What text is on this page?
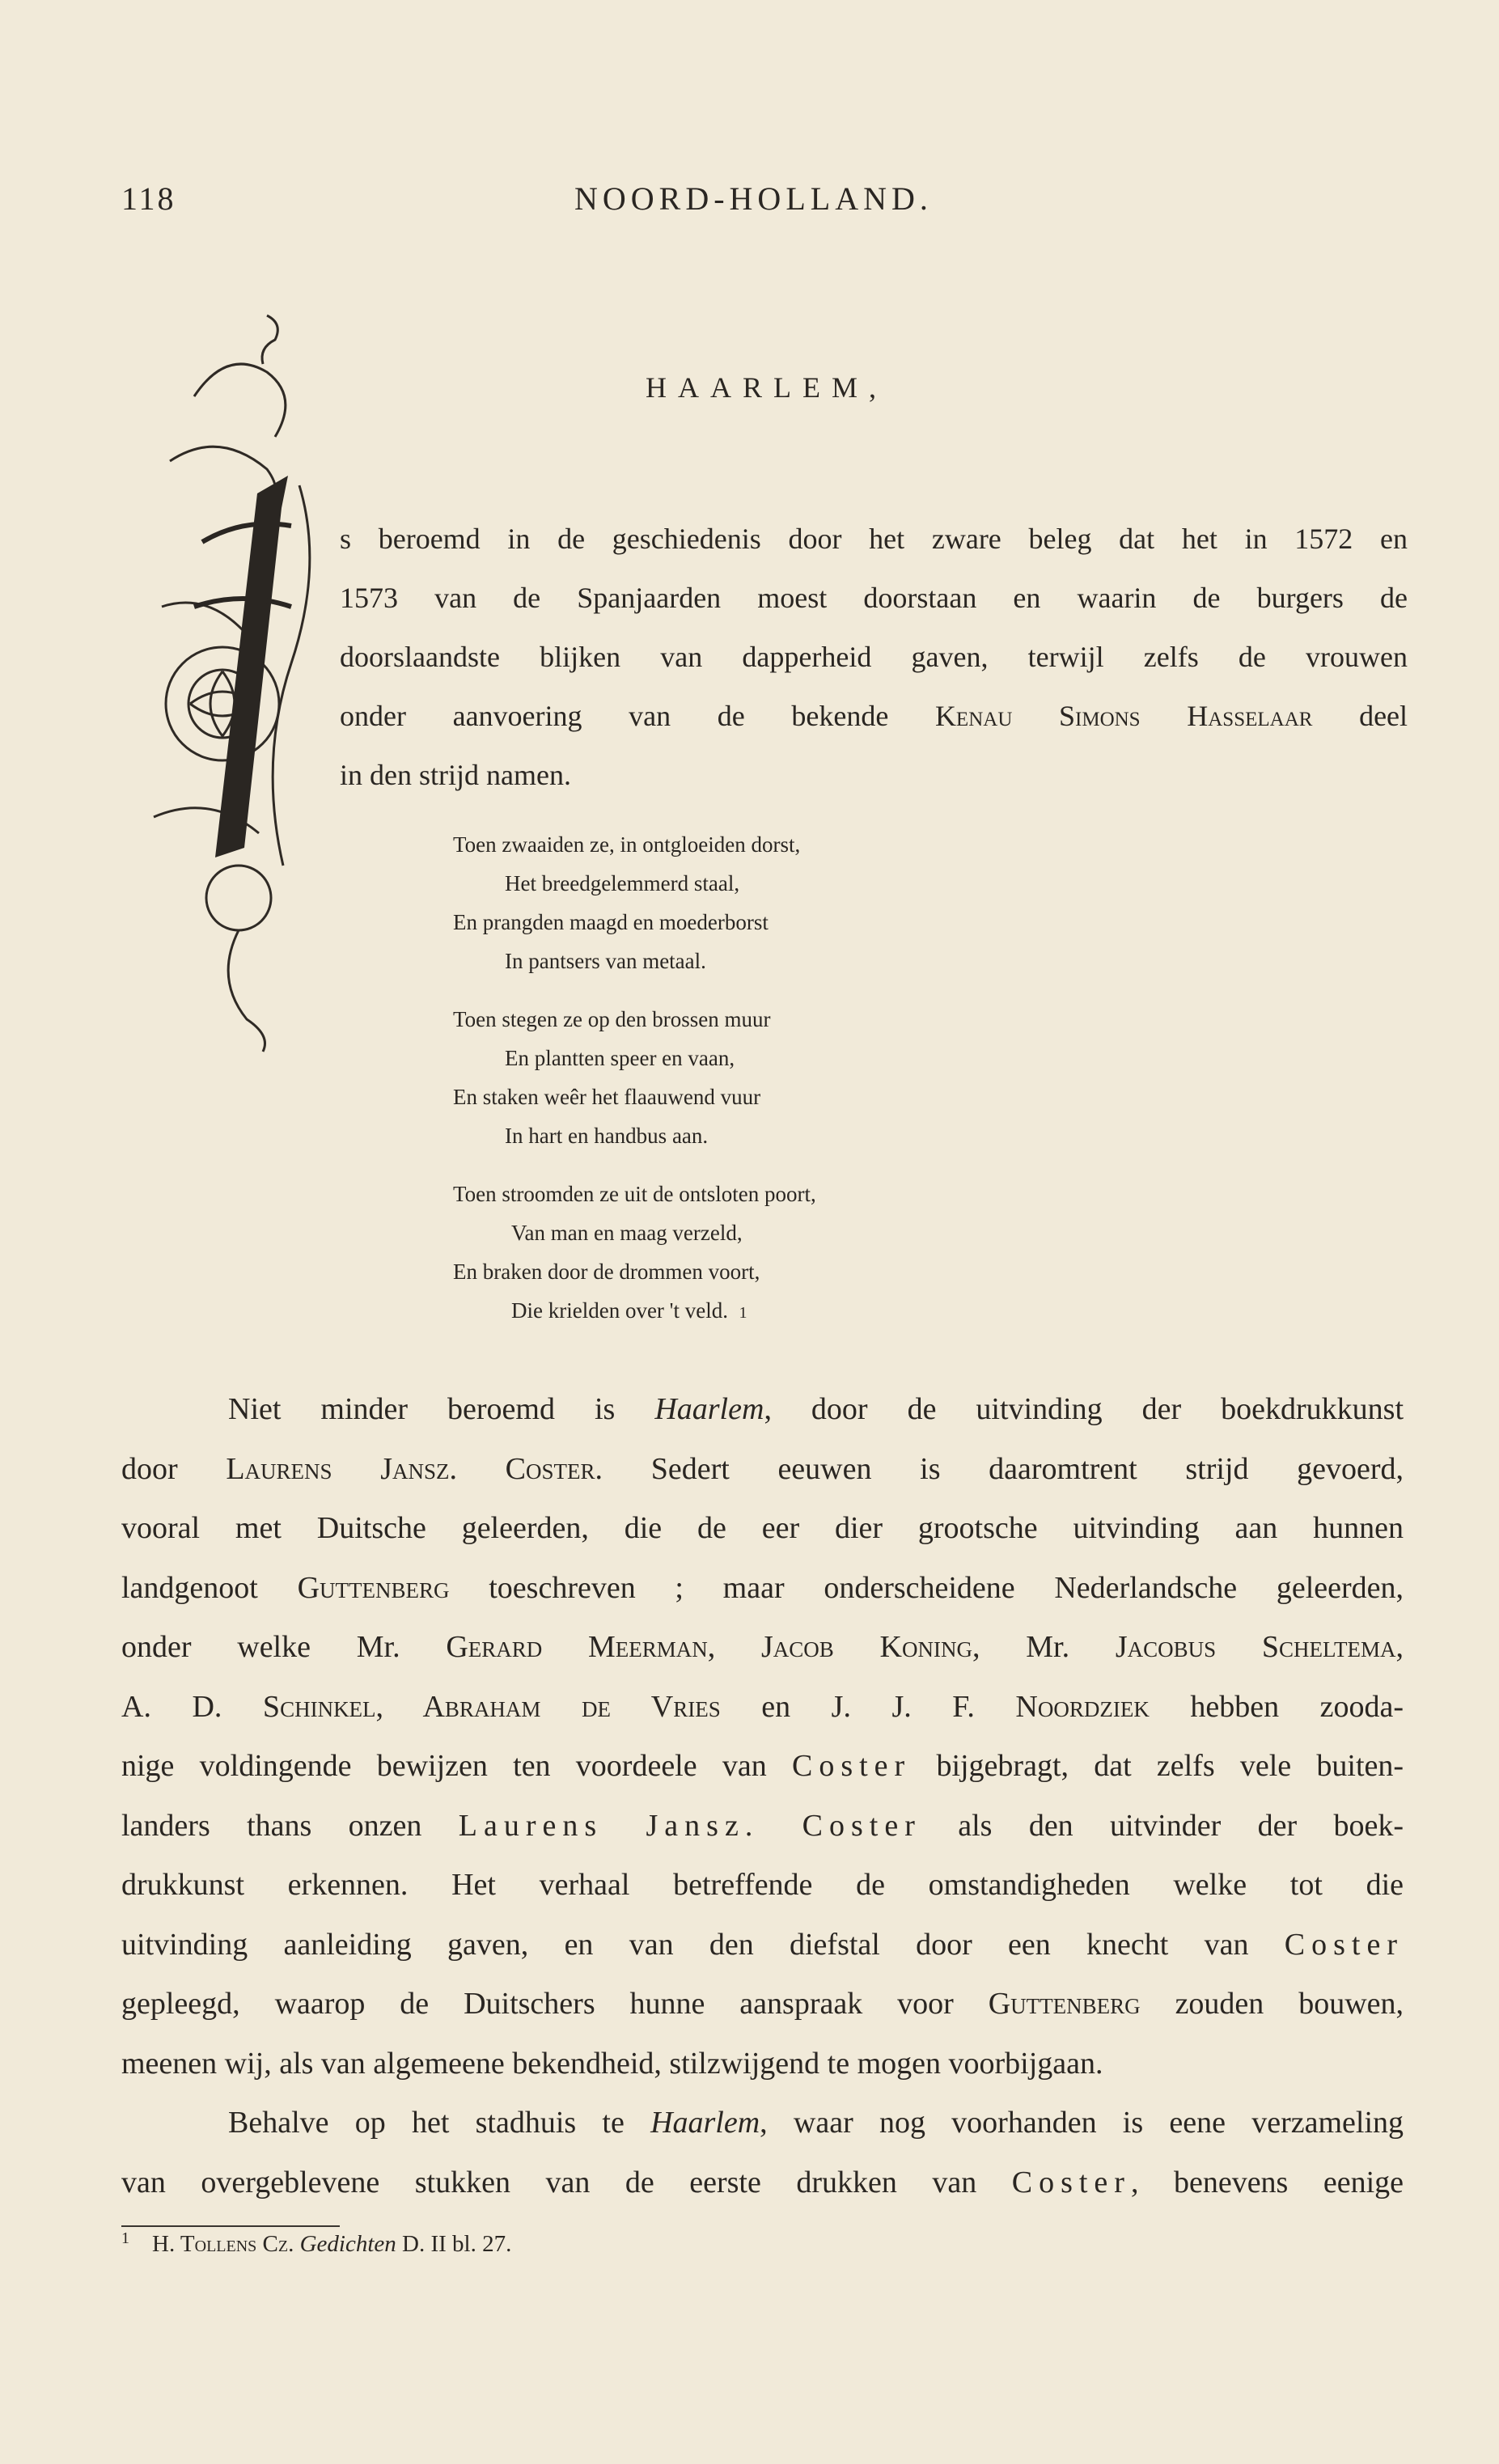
118	NOORD-HOLLAND.
HAARLEM,
I
s beroemd in de geschiedenis door het zware beleg dat het in 1572 en
1573 van de Spanjaarden moest doorstaan en waarin de burgers de
doorslaandste blijken van dapperheid gaven, terwijl zelfs de vrouwen
onder aanvoering van de bekende Kenau Simons Hasselaar deel
in den strijd namen.
Toen zwaaiden ze, in ontgloeiden dorst,
Het breedgelemmerd staal,
En prangden maagd en moederborst
In pantsers van metaal.
Toen stegen ze op den brossen muur
En plantten speer en vaan,
En staken weêr het flaauwend vuur
In hart en handbus aan.
Toen stroomden ze uit de ontsloten poort,
Van man en maag verzeld,
En braken door de drommen voort,
Die krielden over 't veld. 1
Niet minder beroemd is Haarlem, door de uitvinding der boekdrukkunst
door Laurens Jansz. Coster. Sedert eeuwen is daaromtrent strijd gevoerd,
vooral met Duitsche geleerden, die de eer dier grootsche uitvinding aan hunnen
landgenoot Guttenberg toeschreven ; maar onderscheidene Nederlandsche geleerden,
onder welke Mr. Gerard Meerman, Jacob Koning, Mr. Jacobus Scheltema,
A. D. Schinkel, Abraham de Vries en J. J. F. Noordziek hebben zooda-
nige voldingende bewijzen ten voordeele van Coster bijgebragt, dat zelfs vele buiten-
landers thans onzen Laurens Jansz. Coster als den uitvinder der boek-
drukkunst erkennen. Het verhaal betreffende de omstandigheden welke tot die
uitvinding aanleiding gaven, en van den diefstal door een knecht van Coster
gepleegd, waarop de Duitschers hunne aanspraak voor Guttenberg zouden bouwen,
meenen wij, als van algemeene bekendheid, stilzwijgend te mogen voorbijgaan.
Behalve op het stadhuis te Haarlem, waar nog voorhanden is eene verzameling
van overgeblevene stukken van de eerste drukken van Coster, benevens eenige
$^1$ H. Tollens Cz. Gedichten D. II bl. 27.
